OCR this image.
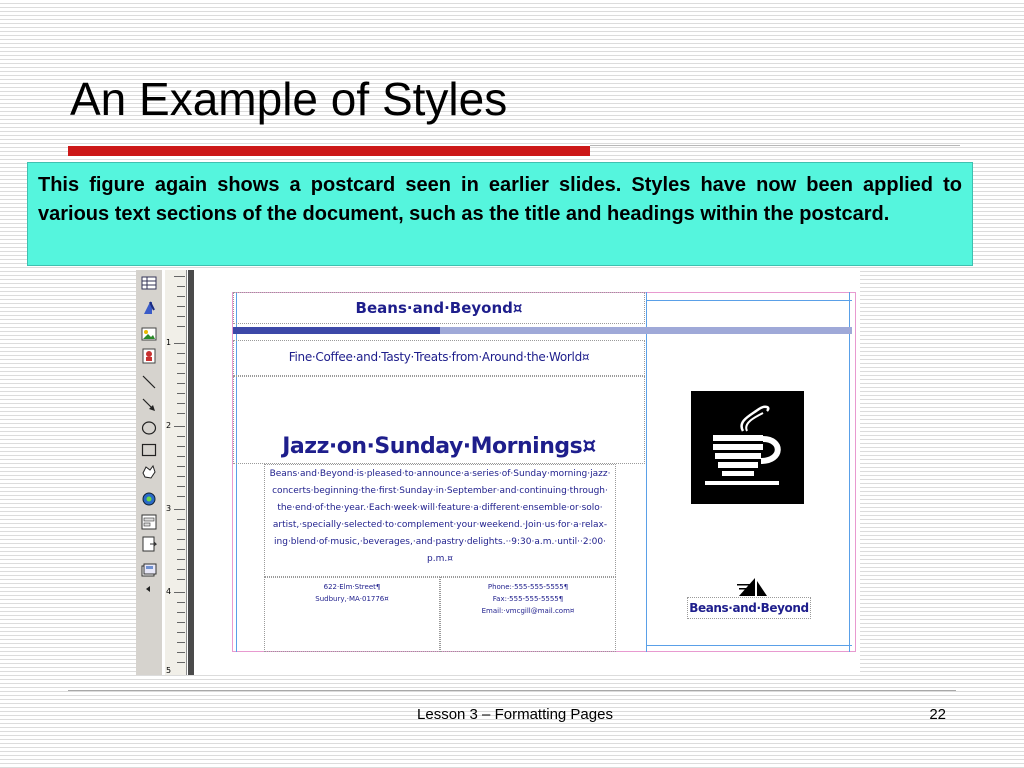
An Example of Styles
This figure again shows a postcard seen in earlier slides. Styles have now been applied to various text sections of the document, such as the title and headings within the postcard.
1
2
3
4
5
Beans·and·Beyond¤
Fine·Coffee·and·Tasty·Treats·from·Around·the·World¤
Jazz·on·Sunday·Mornings¤
Beans·and·Beyond·is·pleased·to·announce·a·series·of·Sunday·morning·jazz· concerts·beginning·the·first·Sunday·in·September·and·continuing·through· the·end·of·the·year.·Each·week·will·feature·a·different·ensemble·or·solo· artist,·specially·selected·to·complement·your·weekend.·Join·us·for·a·relax- ing·blend·of·music,·beverages,·and·pastry·delights.··9:30·a.m.·until··2:00· p.m.¤
622·Elm·Street¶
Sudbury,·MA·01776¤
Phone:·555-555-5555¶
Fax:·555-555-5555¶
Email:·vmcgill@mail.com¤	Beans·and·Beyond
Lesson 3 – Formatting Pages	22
